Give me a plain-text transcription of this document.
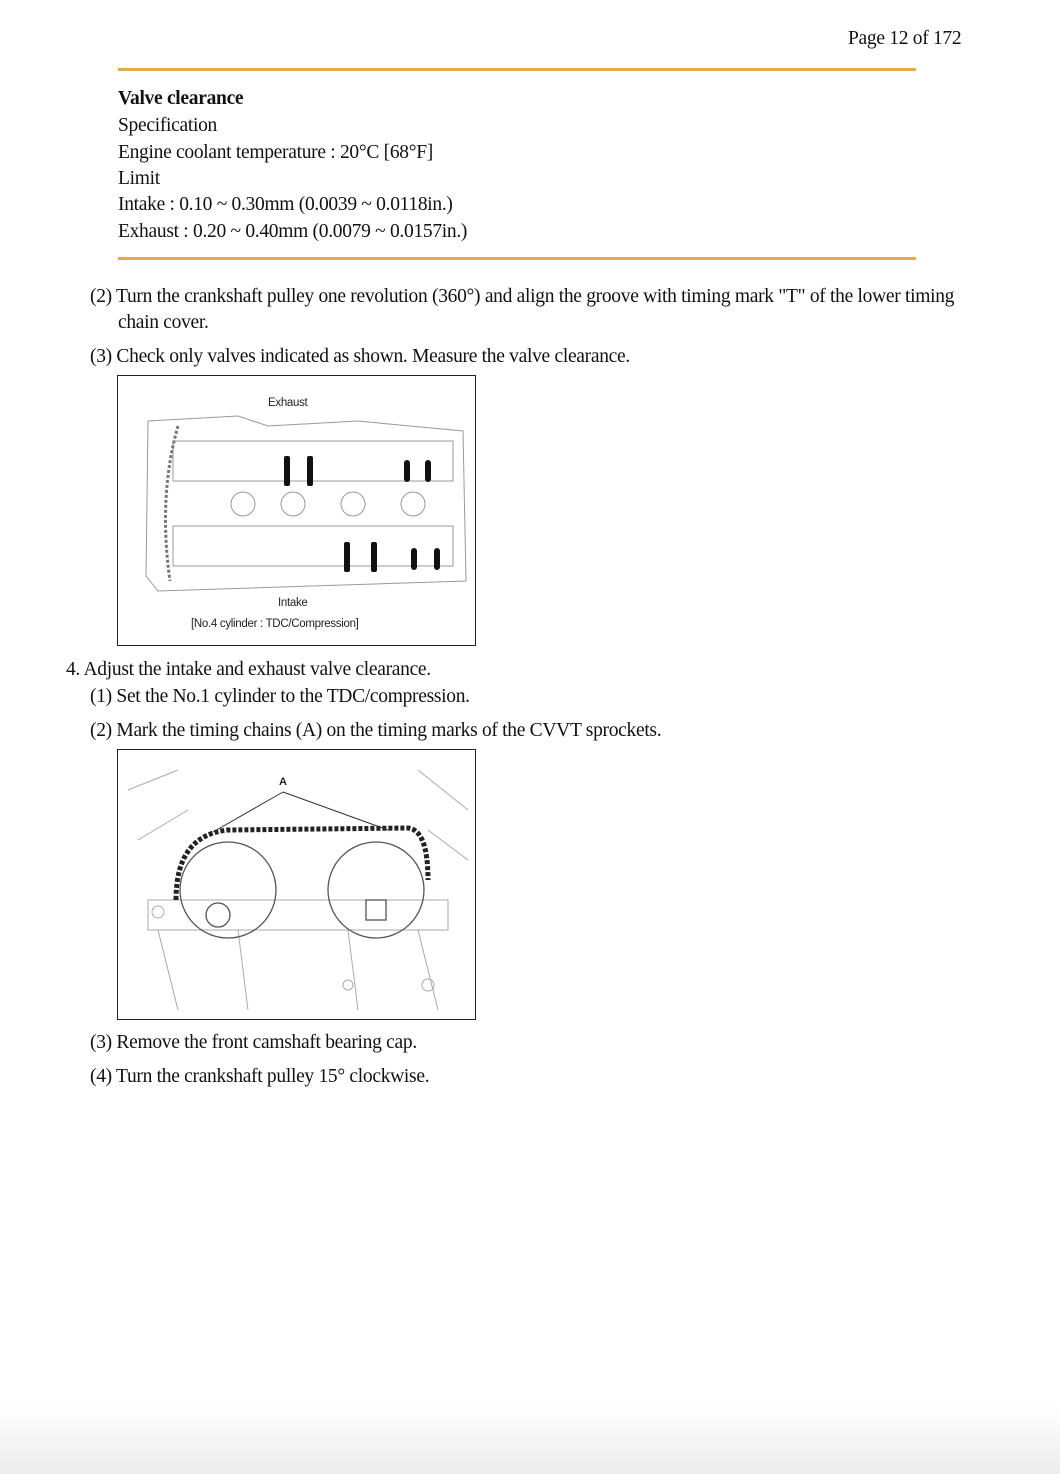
Page 12 of 172
Valve clearance
Specification
Engine coolant temperature : 20°C [68°F]
Limit
Intake : 0.10 ~ 0.30mm (0.0039 ~ 0.0118in.)
Exhaust : 0.20 ~ 0.40mm (0.0079 ~ 0.0157in.)
(2) Turn the crankshaft pulley one revolution (360°) and align the groove with timing mark "T" of the lower timing
chain cover.
(3) Check only valves indicated as shown. Measure the valve clearance.
Exhaust
Intake
[No.4 cylinder : TDC/Compression]
4. Adjust the intake and exhaust valve clearance.
(1) Set the No.1 cylinder to the TDC/compression.
(2) Mark the timing chains (A) on the timing marks of the CVVT sprockets.
A
(3) Remove the front camshaft bearing cap.
(4) Turn the crankshaft pulley 15° clockwise.
